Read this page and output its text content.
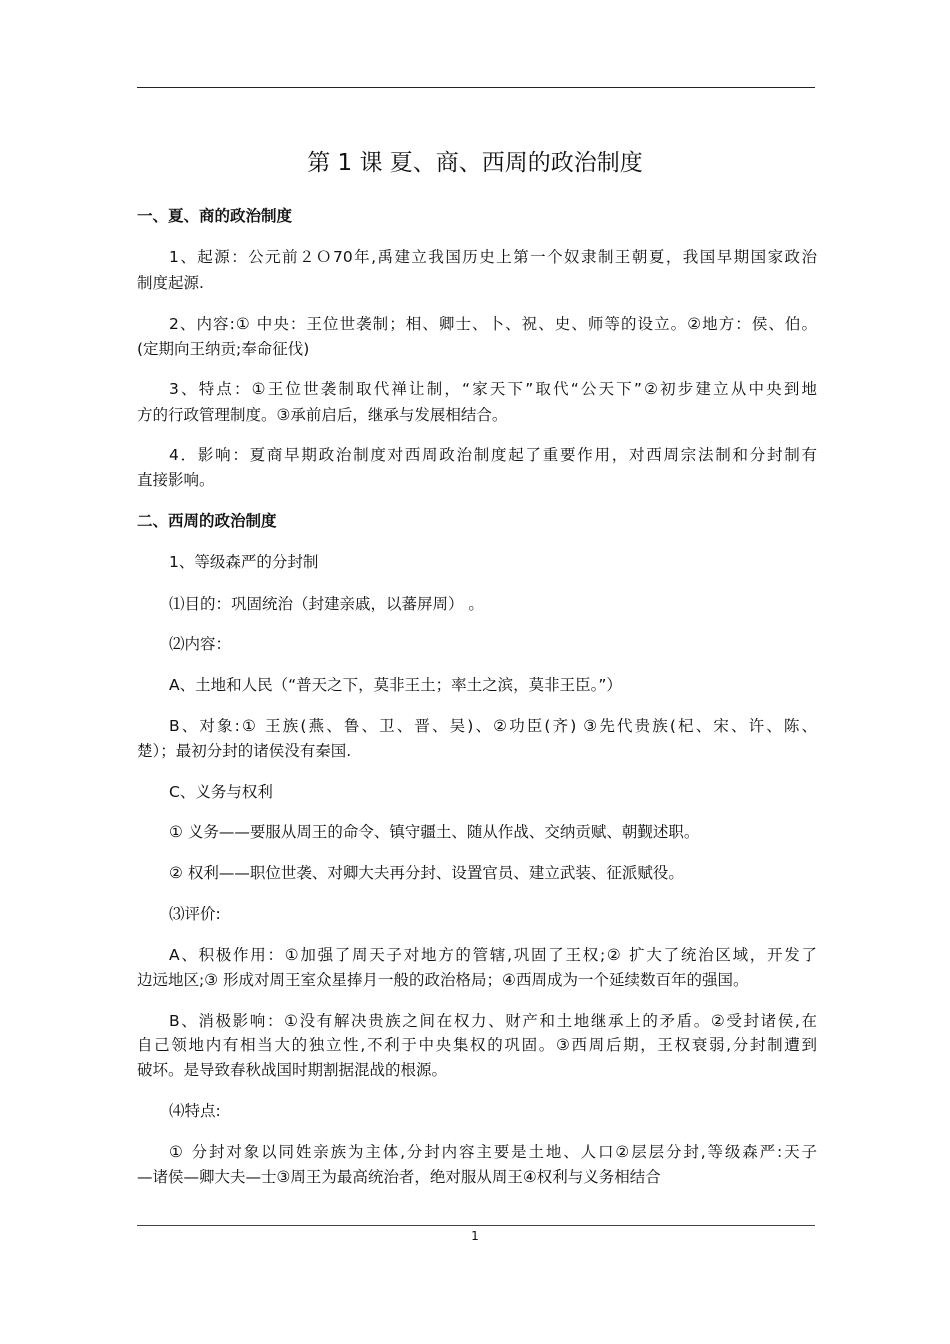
第 1 课 夏、商、西周的政治制度
一、夏、商的政治制度
1、起源：公元前２Ｏ70年,禹建立我国历史上第一个奴隶制王朝夏，我国早期国家政治
制度起源.
2、内容:① 中央：王位世袭制；相、卿士、卜、祝、史、师等的设立。②地方：侯、伯。
(定期向王纳贡;奉命征伐)
3、特点：①王位世袭制取代禅让制，“家天下”取代“公天下”②初步建立从中央到地
方的行政管理制度。③承前启后，继承与发展相结合。
4．影响：夏商早期政治制度对西周政治制度起了重要作用，对西周宗法制和分封制有
直接影响。
二、西周的政治制度
1、等级森严的分封制
⑴目的：巩固统治（封建亲戚，以蕃屏周） 。
⑵内容：
A、土地和人民（“普天之下，莫非王土；率土之滨，莫非王臣。”）
B、对象:① 王族(燕、鲁、卫、晋、吴)、②功臣(齐) ③先代贵族(杞、宋、许、陈、
楚）；最初分封的诸侯没有秦国.
C、义务与权利
① 义务——要服从周王的命令、镇守疆土、随从作战、交纳贡赋、朝觐述职。
② 权利——职位世袭、对卿大夫再分封、设置官员、建立武装、征派赋役。
⑶评价:
A、积极作用：①加强了周天子对地方的管辖,巩固了王权;② 扩大了统治区域，开发了
边远地区;③ 形成对周王室众星捧月一般的政治格局；④西周成为一个延续数百年的强国。
B、消极影响：①没有解决贵族之间在权力、财产和土地继承上的矛盾。②受封诸侯,在
自己领地内有相当大的独立性,不利于中央集权的巩固。③西周后期，王权衰弱,分封制遭到
破坏。是导致春秋战国时期割据混战的根源。
⑷特点:
① 分封对象以同姓亲族为主体,分封内容主要是土地、人口②层层分封,等级森严:天子
—诸侯—卿大夫—士③周王为最高统治者，绝对服从周王④权利与义务相结合
1
